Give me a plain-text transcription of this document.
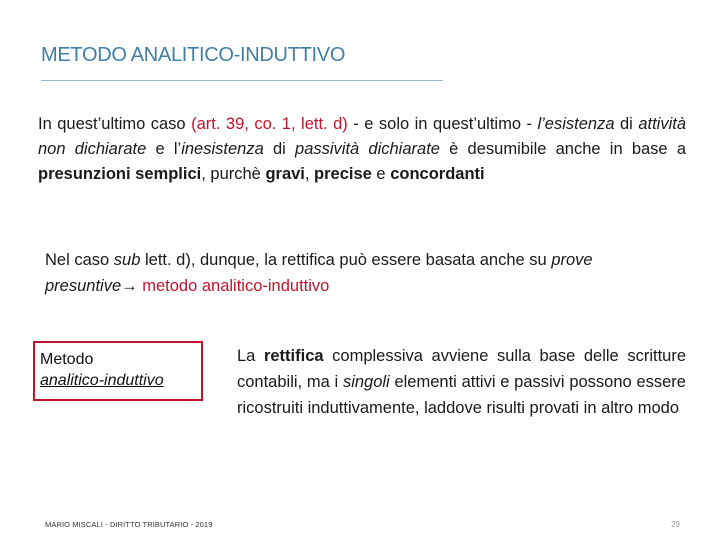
METODO ANALITICO-INDUTTIVO
In quest’ultimo caso (art. 39, co. 1, lett. d) - e solo in quest’ultimo - l’esistenza di attività non dichiarate e l’inesistenza di passività dichiarate è desumibile anche in base a presunzioni semplici, purchè gravi, precise e concordanti
Nel caso sub lett. d), dunque, la rettifica può essere basata anche su prove presuntive→ metodo analitico-induttivo
Metodo
analitico-induttivo
La rettifica complessiva avviene sulla base delle scritture contabili, ma i singoli elementi attivi e passivi possono essere ricostruiti induttivamente, laddove risulti provati in altro modo
MARIO MISCALI - DIRITTO TRIBUTARIO - 2019	29
